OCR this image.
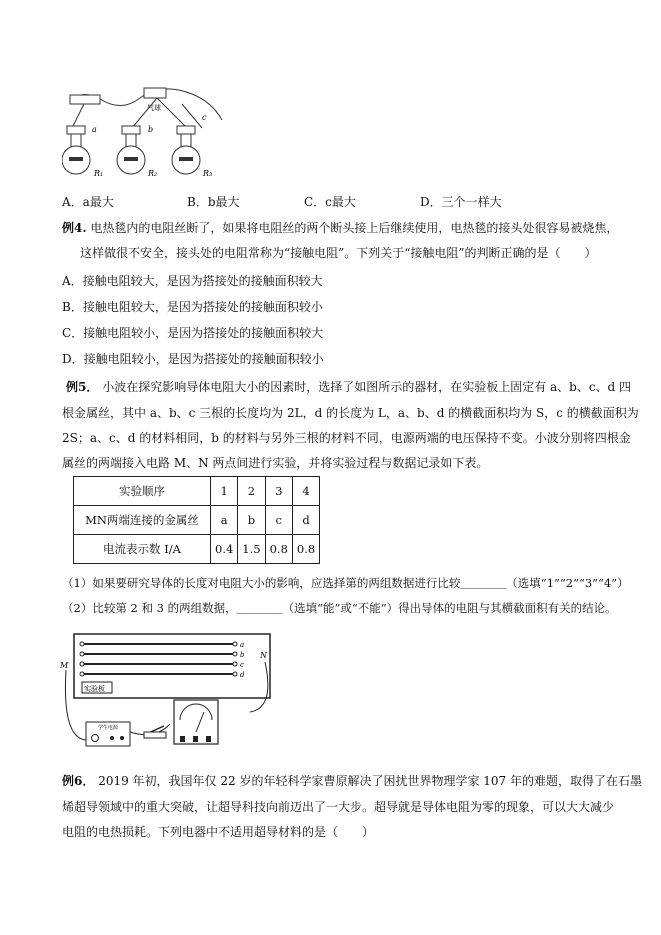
R₁	R₂	R₃
a	b
c
气球
A．a最大	B．b最大	C．c最大	D．三个一样大
例4. 电热毯内的电阻丝断了，如果将电阻丝的两个断头接上后继续使用，电热毯的接头处很容易被烧焦，
这样做很不安全，接头处的电阻常称为“接触电阻”。下列关于“接触电阻”的判断正确的是（　　）
A．接触电阻较大，是因为搭接处的接触面积较大
B．接触电阻较大，是因为搭接处的接触面积较小
C．接触电阻较小，是因为搭接处的接触面积较大
D．接触电阻较小，是因为搭接处的接触面积较小
例5． 小波在探究影响导体电阻大小的因素时，选择了如图所示的器材，在实验板上固定有 a、b、c、d 四
根金属丝，其中 a、b、c 三根的长度均为 2L，d 的长度为 L，a、b、d 的横截面积均为 S，c 的横截面积为
2S；a、c、d 的材料相同，b 的材料与另外三根的材料不同，电源两端的电压保持不变。小波分别将四根金
属丝的两端接入电路 M、N 两点间进行实验，并将实验过程与数据记录如下表。
实验顺序	1	2	3	4
MN两端连接的金属丝	a	b	c	d
电流表示数 I/A	0.4	1.5	0.8	0.8
（1）如果要研究导体的长度对电阻大小的影响，应选择第的两组数据进行比较＿＿＿＿（选填“1”“2”“3”“4”）
（2）比较第 2 和 3 的两组数据，＿＿＿＿（选填“能”或“不能”）得出导体的电阻与其横截面积有关的结论。
a
b
c
d
实验板
M
N
学生电源
例6． 2019 年初，我国年仅 22 岁的年轻科学家曹原解决了困扰世界物理学家 107 年的难题，取得了在石墨
烯超导领域中的重大突破，让超导科技向前迈出了一大步。超导就是导体电阻为零的现象，可以大大减少
电阻的电热损耗。下列电器中不适用超导材料的是（　　）
